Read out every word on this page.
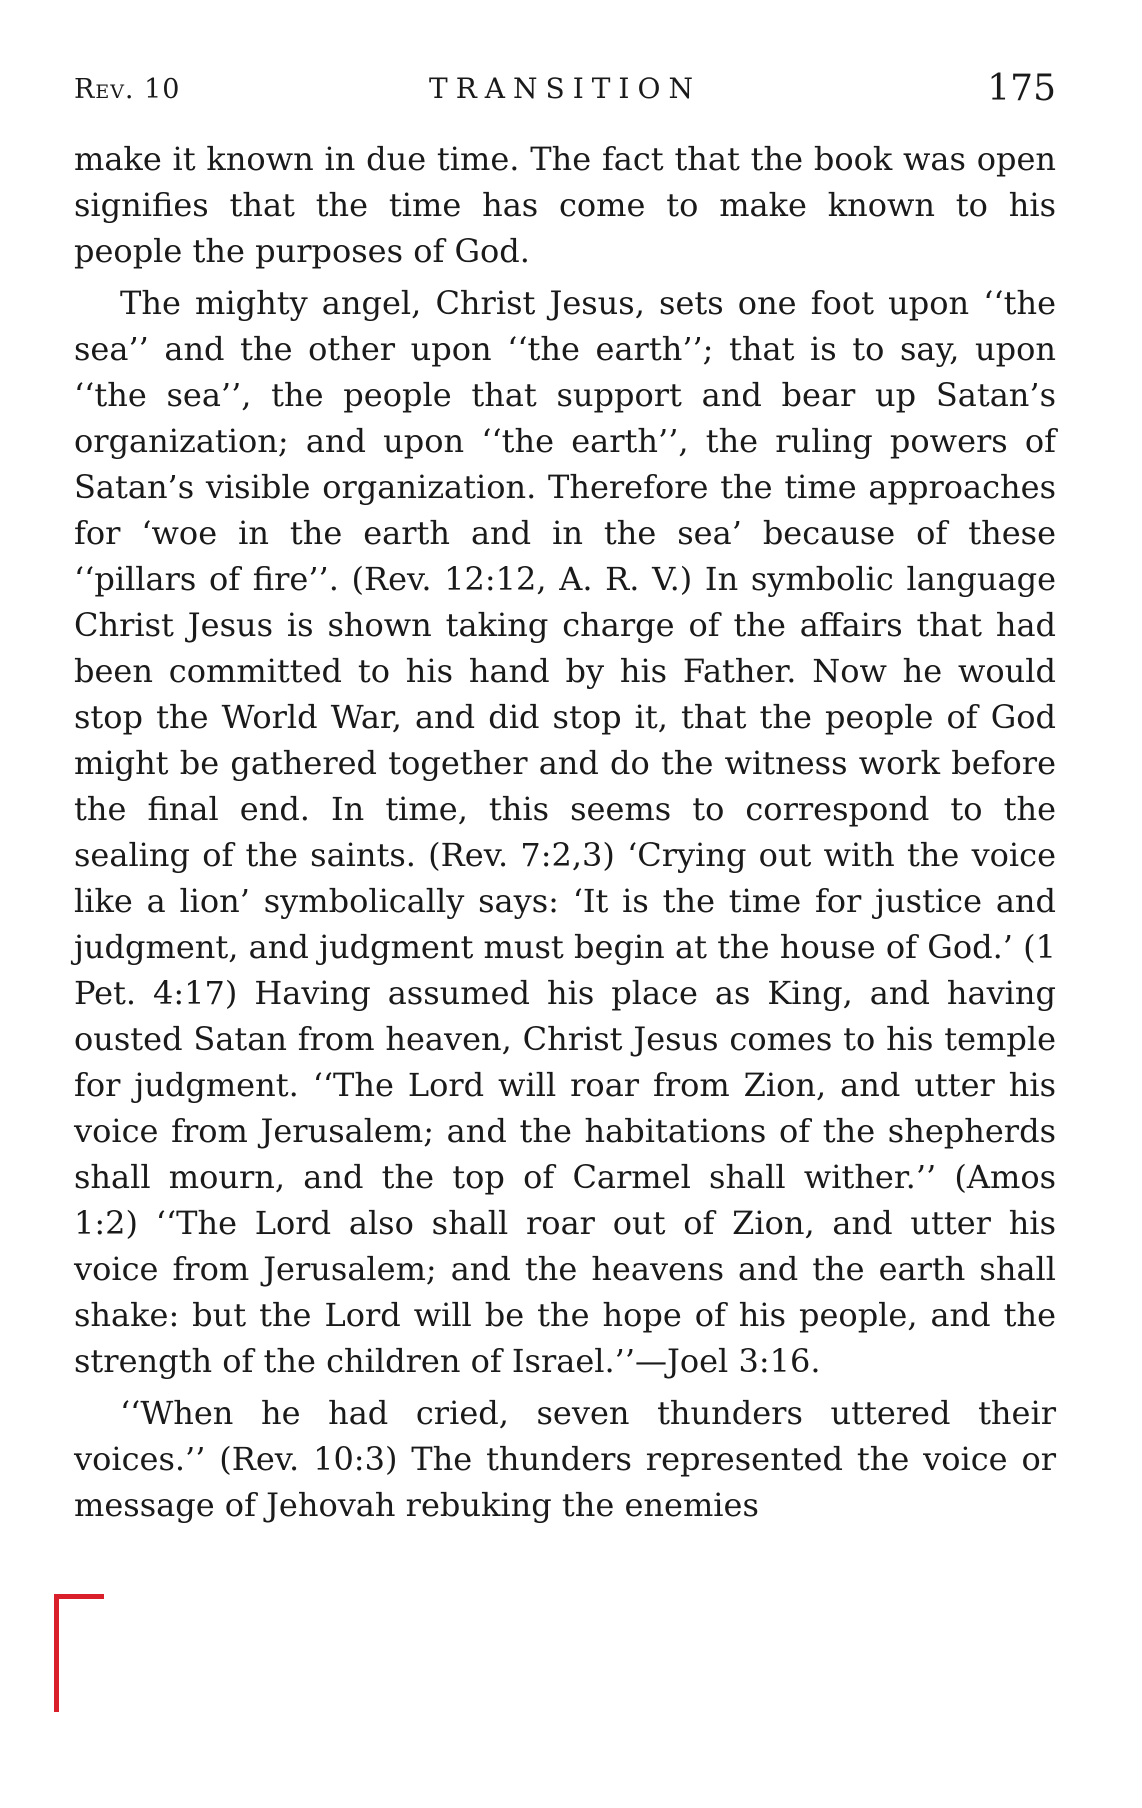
Rev. 10	TRANSITION	175

make it known in due time. The fact that the book was open signifies that the time has come to make known to his people the purposes of God.

The mighty angel, Christ Jesus, sets one foot upon ‘‘the sea’’ and the other upon ‘‘the earth’’; that is to say, upon ‘‘the sea’’, the people that support and bear up Satan’s organization; and upon ‘‘the earth’’, the ruling powers of Satan’s visible organization. Therefore the time approaches for ‘woe in the earth and in the sea’ because of these ‘‘pillars of fire’’. (Rev. 12:12, A. R. V.) In symbolic language Christ Jesus is shown taking charge of the affairs that had been committed to his hand by his Father. Now he would stop the World War, and did stop it, that the people of God might be gathered together and do the witness work before the final end. In time, this seems to correspond to the sealing of the saints. (Rev. 7:2,3) ‘Crying out with the voice like a lion’ symbolically says: ‘It is the time for justice and judgment, and judgment must begin at the house of God.’ (1 Pet. 4:17) Having assumed his place as King, and having ousted Satan from heaven, Christ Jesus comes to his temple for judgment. ‘‘The Lord will roar from Zion, and utter his voice from Jerusalem; and the habitations of the shepherds shall mourn, and the top of Carmel shall wither.’’ (Amos 1:2) ‘‘The Lord also shall roar out of Zion, and utter his voice from Jerusalem; and the heavens and the earth shall shake: but the Lord will be the hope of his people, and the strength of the children of Israel.’’—Joel 3:16.

‘‘When he had cried, seven thunders uttered their voices.’’ (Rev. 10:3) The thunders represented the voice or message of Jehovah rebuking the enemies
